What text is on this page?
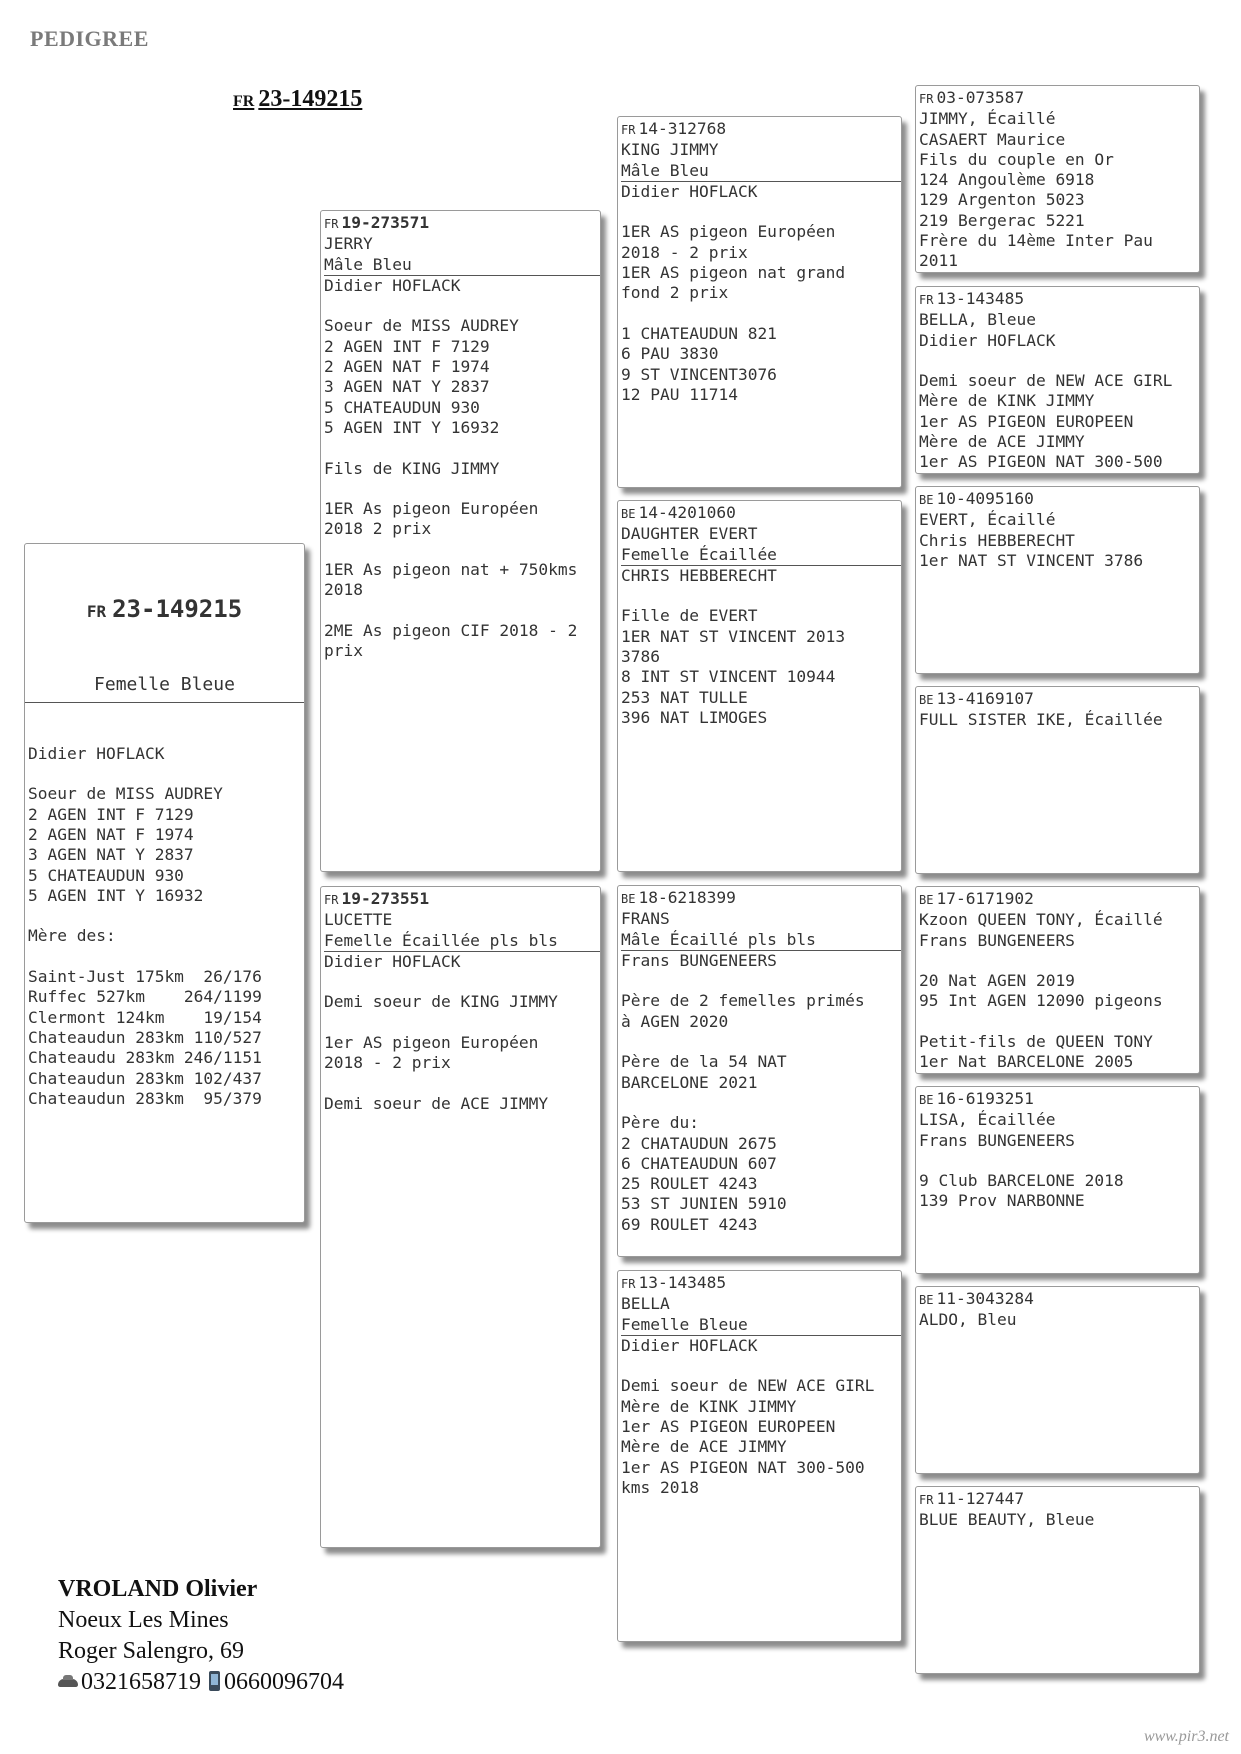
PEDIGREE
FR 23-149215

FR 23-149215

Femelle Bleue

Didier HOFLACK
Soeur de MISS AUDREY
2 AGEN INT F 7129
2 AGEN NAT F 1974
3 AGEN NAT Y 2837
5 CHATEAUDUN 930
5 AGEN INT Y 16932
Mère des:
Saint-Just 175km  26/176
Ruffec 527km    264/1199
Clermont 124km    19/154
Chateaudun 283km 110/527
Chateaudu 283km 246/1151
Chateaudun 283km 102/437
Chateaudun 283km  95/379

FR 19-273571
JERRY
Mâle Bleu
Didier HOFLACK
Soeur de MISS AUDREY
2 AGEN INT F 7129
2 AGEN NAT F 1974
3 AGEN NAT Y 2837
5 CHATEAUDUN 930
5 AGEN INT Y 16932
Fils de KING JIMMY
1ER As pigeon Européen
2018 2 prix
1ER As pigeon nat + 750kms
2018
2ME As pigeon CIF 2018 - 2
prix
FR 19-273551
LUCETTE
Femelle Écaillée pls bls
Didier HOFLACK
Demi soeur de KING JIMMY
1er AS pigeon Européen
2018 - 2 prix
Demi soeur de ACE JIMMY
FR 14-312768
KING JIMMY
Mâle Bleu
Didier HOFLACK
1ER AS pigeon Européen
2018 - 2 prix
1ER AS pigeon nat grand
fond 2 prix
1 CHATEAUDUN 821
6 PAU 3830
9 ST VINCENT3076
12 PAU 11714
BE 14-4201060
DAUGHTER EVERT
Femelle Écaillée
CHRIS HEBBERECHT
Fille de EVERT
1ER NAT ST VINCENT 2013
3786
8 INT ST VINCENT 10944
253 NAT TULLE
396 NAT LIMOGES
BE 18-6218399
FRANS
Mâle Écaillé pls bls
Frans BUNGENEERS
Père de 2 femelles primés
à AGEN 2020
Père de la 54 NAT
BARCELONE 2021
Père du:
2 CHATAUDUN 2675
6 CHATEAUDUN 607
25 ROULET 4243
53 ST JUNIEN 5910
69 ROULET 4243
FR 13-143485
BELLA
Femelle Bleue
Didier HOFLACK
Demi soeur de NEW ACE GIRL
Mère de KINK JIMMY
1er AS PIGEON EUROPEEN
Mère de ACE JIMMY
1er AS PIGEON NAT 300-500
kms 2018
FR 03-073587
JIMMY, Écaillé
CASAERT Maurice
Fils du couple en Or
124 Angoulème 6918
129 Argenton 5023
219 Bergerac 5221
Frère du 14ème Inter Pau
2011
FR 13-143485
BELLA, Bleue
Didier HOFLACK
Demi soeur de NEW ACE GIRL
Mère de KINK JIMMY
1er AS PIGEON EUROPEEN
Mère de ACE JIMMY
1er AS PIGEON NAT 300-500
BE 10-4095160
EVERT, Écaillé
Chris HEBBERECHT
1er NAT ST VINCENT 3786
BE 13-4169107
FULL SISTER IKE, Écaillée
BE 17-6171902
Kzoon QUEEN TONY, Écaillé
Frans BUNGENEERS
20 Nat AGEN 2019
95 Int AGEN 12090 pigeons
Petit-fils de QUEEN TONY
1er Nat BARCELONE 2005
BE 16-6193251
LISA, Écaillée
Frans BUNGENEERS
9 Club BARCELONE 2018
139 Prov NARBONNE
BE 11-3043284
ALDO, Bleu
FR 11-127447
BLUE BEAUTY, Bleue
VROLAND Olivier
Noeux Les Mines
Roger Salengro, 69
0321658719 0660096704
www.pir3.net
